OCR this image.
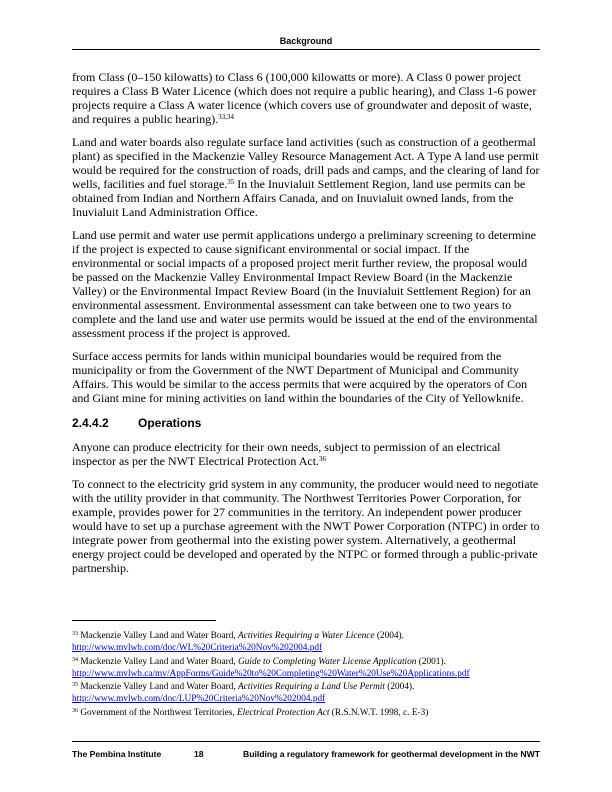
Background

from Class (0–150 kilowatts) to Class 6 (100,000 kilowatts or more). A Class 0 power project requires a Class B Water Licence (which does not require a public hearing), and Class 1-6 power projects require a Class A water licence (which covers use of groundwater and deposit of waste, and requires a public hearing).$^{33,34}$

Land and water boards also regulate surface land activities (such as construction of a geothermal plant) as specified in the Mackenzie Valley Resource Management Act. A Type A land use permit would be required for the construction of roads, drill pads and camps, and the clearing of land for wells, facilities and fuel storage.$^{35}$ In the Inuvialuit Settlement Region, land use permits can be obtained from Indian and Northern Affairs Canada, and on Inuvialuit owned lands, from the Inuvialuit Land Administration Office.

Land use permit and water use permit applications undergo a preliminary screening to determine if the project is expected to cause significant environmental or social impact. If the environmental or social impacts of a proposed project merit further review, the proposal would be passed on the Mackenzie Valley Environmental Impact Review Board (in the Mackenzie Valley) or the Environmental Impact Review Board (in the Inuvialuit Settlement Region) for an environmental assessment. Environmental assessment can take between one to two years to complete and the land use and water use permits would be issued at the end of the environmental assessment process if the project is approved.

Surface access permits for lands within municipal boundaries would be required from the municipality or from the Government of the NWT Department of Municipal and Community Affairs. This would be similar to the access permits that were acquired by the operators of Con and Giant mine for mining activities on land within the boundaries of the City of Yellowknife.

2.4.4.2 Operations

Anyone can produce electricity for their own needs, subject to permission of an electrical inspector as per the NWT Electrical Protection Act.$^{36}$

To connect to the electricity grid system in any community, the producer would need to negotiate with the utility provider in that community. The Northwest Territories Power Corporation, for example, provides power for 27 communities in the territory. An independent power producer would have to set up a purchase agreement with the NWT Power Corporation (NTPC) in order to integrate power from geothermal into the existing power system. Alternatively, a geothermal energy project could be developed and operated by the NTPC or formed through a public-private partnership.

$^{33}$ Mackenzie Valley Land and Water Board, Activities Requiring a Water Licence (2004).
http://www.mvlwb.com/doc/WL%20Criteria%20Nov%202004.pdf
$^{34}$ Mackenzie Valley Land and Water Board, Guide to Completing Water License Application (2001).
http://www.mvlwb.ca/mv/AppForms/Guide%20to%20Completing%20Water%20Use%20Applications.pdf
$^{35}$ Mackenzie Valley Land and Water Board, Activities Requiring a Land Use Permit (2004).
http://www.mvlwb.com/doc/LUP%20Criteria%20Nov%202004.pdf
$^{36}$ Government of the Northwest Territories, Electrical Protection Act (R.S.N.W.T. 1998, c. E-3)
The Pembina Institute	18	Building a regulatory framework for geothermal development in the NWT
